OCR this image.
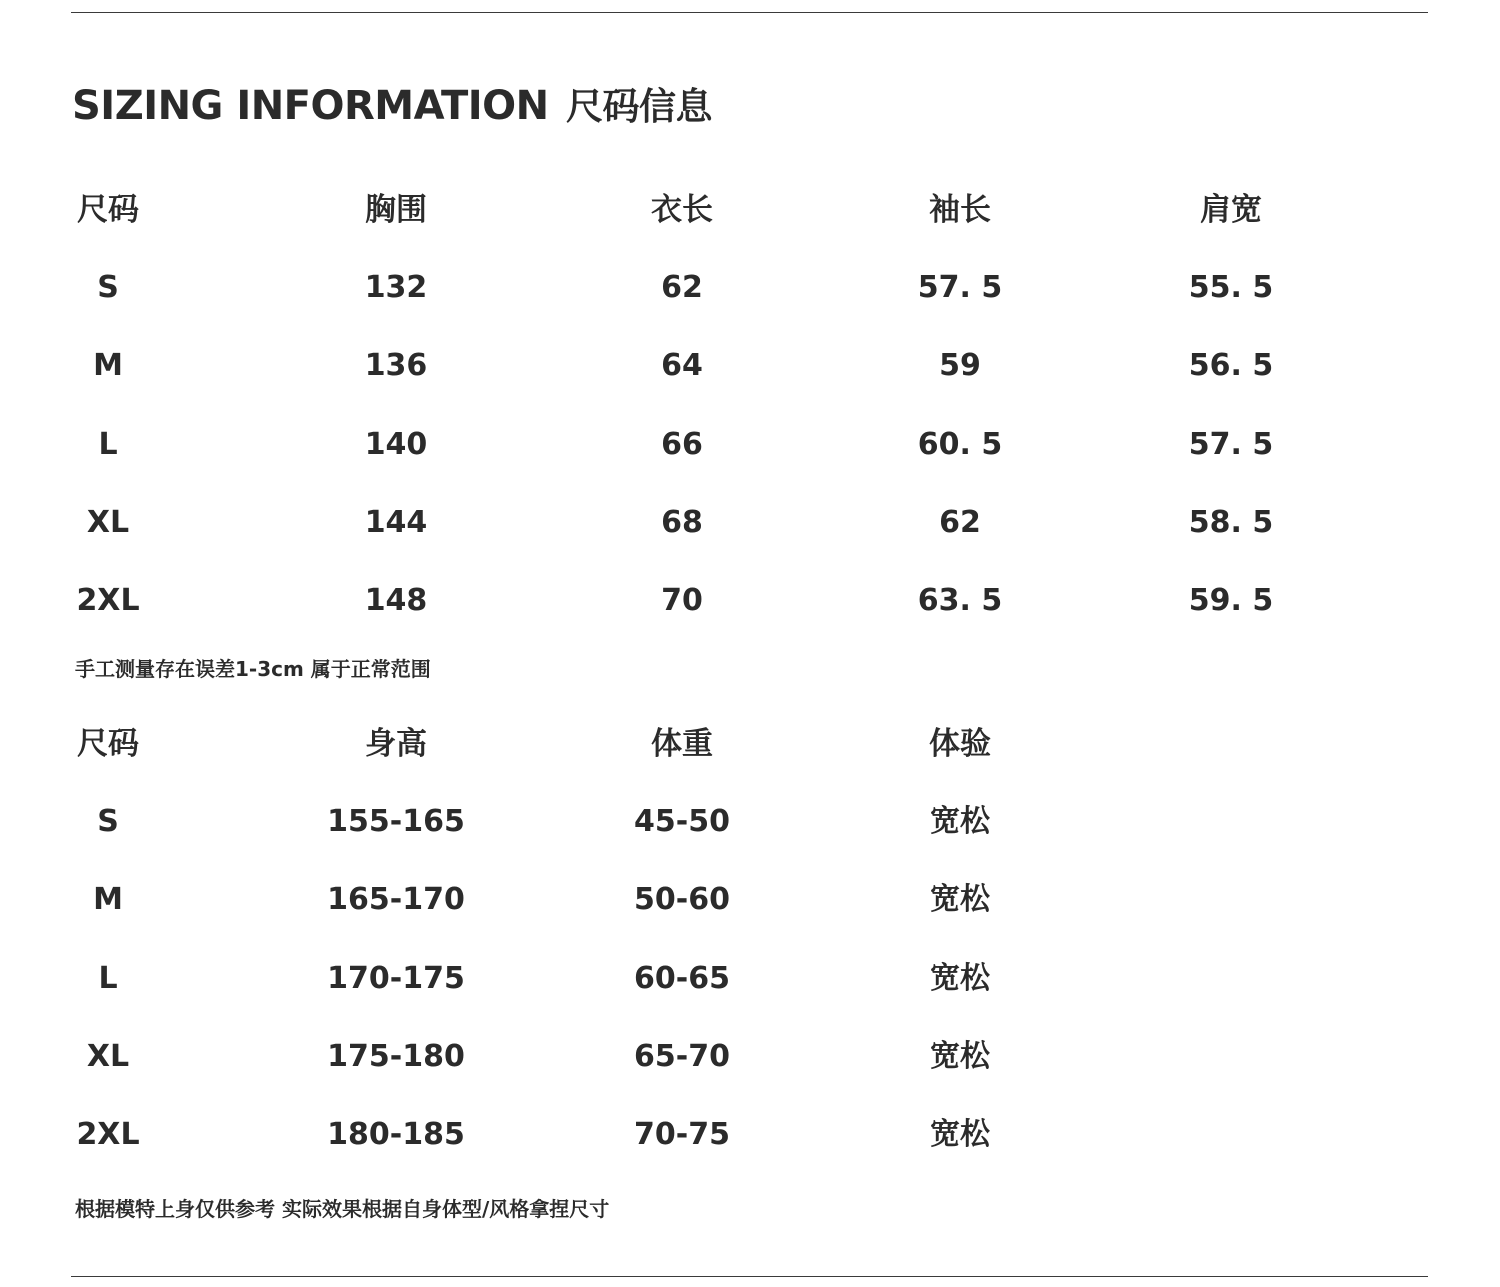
SIZING INFORMATION 尺码信息
尺码	胸围	衣长	袖长	肩宽
S	132	62	57. 5	55. 5
M	136	64	59	56. 5
L	140	66	60. 5	57. 5
XL	144	68	62	58. 5
2XL	148	70	63. 5	59. 5
手工测量存在误差1-3cm 属于正常范围
尺码	身高	体重	体验
S	155-165	45-50	宽松
M	165-170	50-60	宽松
L	170-175	60-65	宽松
XL	175-180	65-70	宽松
2XL	180-185	70-75	宽松
根据模特上身仅供参考 实际效果根据自身体型/风格拿捏尺寸
